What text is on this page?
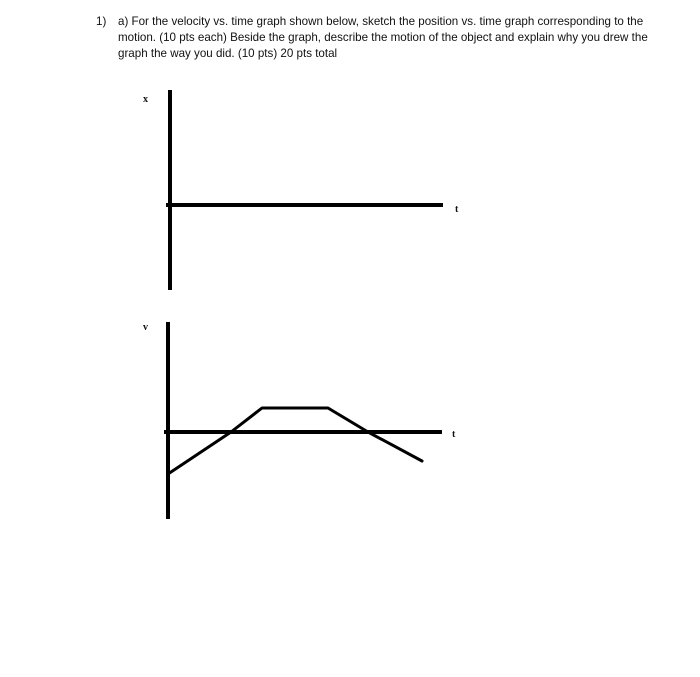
1)	a) For the velocity vs. time graph shown below, sketch the position vs. time graph corresponding to the motion. (10 pts each) Beside the graph, describe the motion of the object and explain why you drew the graph the way you did. (10 pts) 20 pts total
x
t
v
t
